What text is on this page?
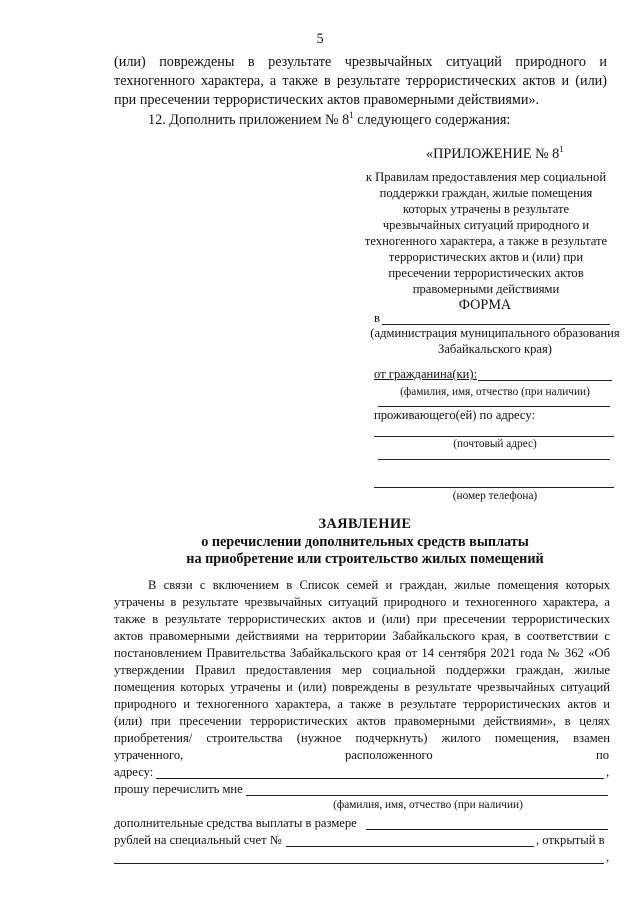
5
(или) повреждены в результате чрезвычайных ситуаций природного и
техногенного характера, а также в результате террористических актов и (или)
при пресечении террористических актов правомерными действиями».
12. Дополнить приложением № $8^1$ следующего содержания:
«ПРИЛОЖЕНИЕ № $8^1$
к Правилам предоставления мер социальной
поддержки граждан, жилые помещения
которых утрачены в результате
чрезвычайных ситуаций природного и
техногенного характера, а также в результате
террористических актов и (или) при
пресечении террористических актов
правомерными действиями
ФОРМА
в
(администрация муниципального образования
Забайкальского края)
от гражданина(ки):
(фамилия, имя, отчество (при наличии)
проживающего(ей) по адресу:
(почтовый адрес)
(номер телефона)
ЗАЯВЛЕНИЕ
о перечислении дополнительных средств выплаты
на приобретение или строительство жилых помещений
В связи с включением в Список семей и граждан, жилые помещения которых
утрачены в результате чрезвычайных ситуаций природного и техногенного характера, а
также в результате террористических актов и (или) при пресечении террористических
актов правомерными действиями на территории Забайкальского края, в соответствии с
постановлением Правительства Забайкальского края от 14 сентября 2021 года № 362 «Об
утверждении Правил предоставления мер социальной поддержки граждан, жилые
помещения которых утрачены и (или) повреждены в результате чрезвычайных ситуаций
природного и техногенного характера, а также в результате террористических актов и
(или) при пресечении террористических актов правомерными действиями», в целях
приобретения/ строительства (нужное подчеркнуть) жилого помещения, взамен
утраченного,	расположенного	по
адресу:	,
прошу перечислить мне
(фамилия, имя, отчество (при наличии)
дополнительные средства выплаты в размере
рублей на специальный счет №	, открытый в
,
